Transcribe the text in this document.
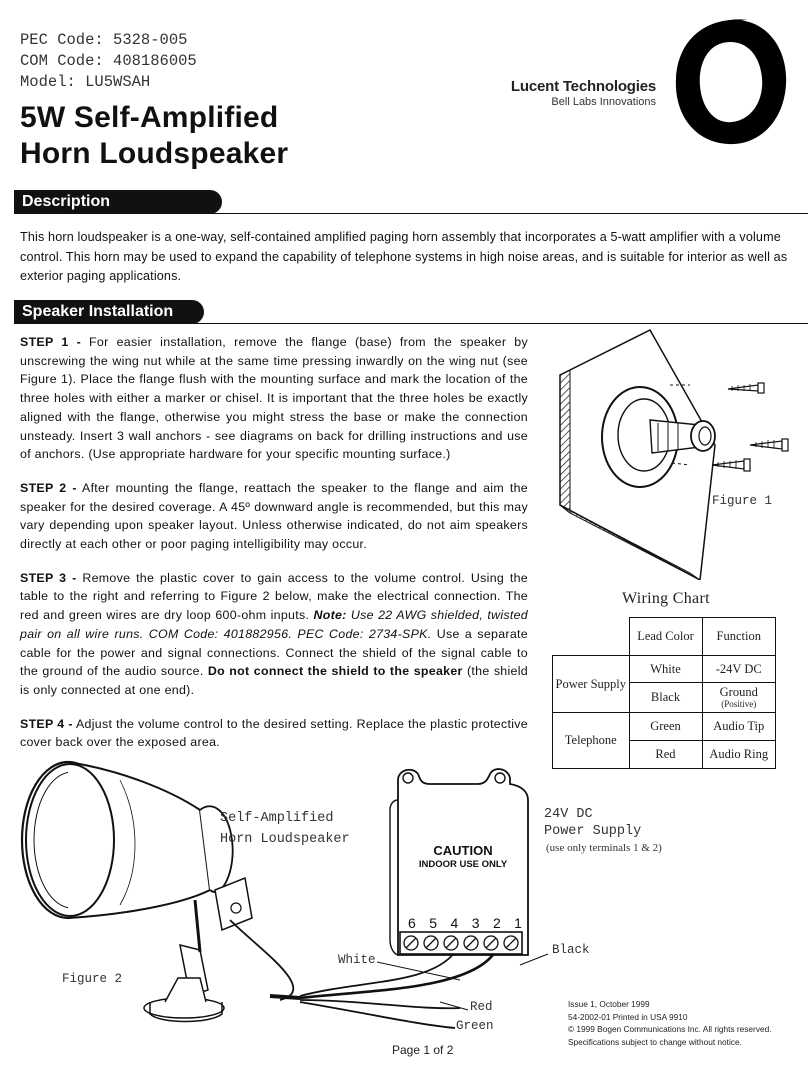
PEC Code: 5328-005
COM Code: 408186005
Model: LU5WSAH	Lucent Technologies
Bell Labs Innovations
5W Self-Amplified
Horn Loudspeaker
Description
This horn loudspeaker is a one-way, self-contained amplified paging horn assembly that incorporates a 5-watt amplifier with a volume control. This horn may be used to expand the capability of telephone systems in high noise areas, and is suitable for interior as well as exterior paging applications.
Speaker Installation

STEP 1 - For easier installation, remove the flange (base) from the speaker by unscrewing the wing nut while at the same time pressing inwardly on the wing nut (see Figure 1). Place the flange flush with the mounting surface and mark the location of the three holes with either a marker or chisel. It is important that the three holes be exactly aligned with the flange, otherwise you might stress the base or make the connection unsteady. Insert 3 wall anchors - see diagrams on back for drilling instructions and use of anchors. (Use appropriate hardware for your specific mounting surface.)

STEP 2 - After mounting the flange, reattach the speaker to the flange and aim the speaker for the desired coverage. A 45º downward angle is recommended, but this may vary depending upon speaker layout. Unless otherwise indicated, do not aim speakers directly at each other or poor paging intelligibility may occur.

STEP 3 - Remove the plastic cover to gain access to the volume control. Using the table to the right and referring to Figure 2 below, make the electrical connection. The red and green wires are dry loop 600-ohm inputs. Note: Use 22 AWG shielded, twisted pair on all wire runs. COM Code: 401882956. PEC Code: 2734-SPK. Use a separate cable for the power and signal connections. Connect the shield of the signal cable to the ground of the audio source. Do not connect the shield to the speaker (the shield is only connected at one end).

STEP 4 - Adjust the volume control to the desired setting. Replace the plastic protective cover back over the exposed area.

Figure 1
Wiring Chart
	Lead Color	Function
Power Supply	White	-24V DC
	Black	Ground
(Positive)

Telephone	Green	Audio Tip
	Red	Audio Ring
Self-Amplified
Horn Loudspeaker
24V DC
Power Supply
(use only terminals 1 & 2)
CAUTION
INDOOR USE ONLY
6 5 4 3 2 1
White
Black
Red
Green
Figure 2
Issue 1, October 1999
54-2002-01 Printed in USA 9910
© 1999 Bogen Communications Inc. All rights reserved.
Specifications subject to change without notice.
Page 1 of 2
